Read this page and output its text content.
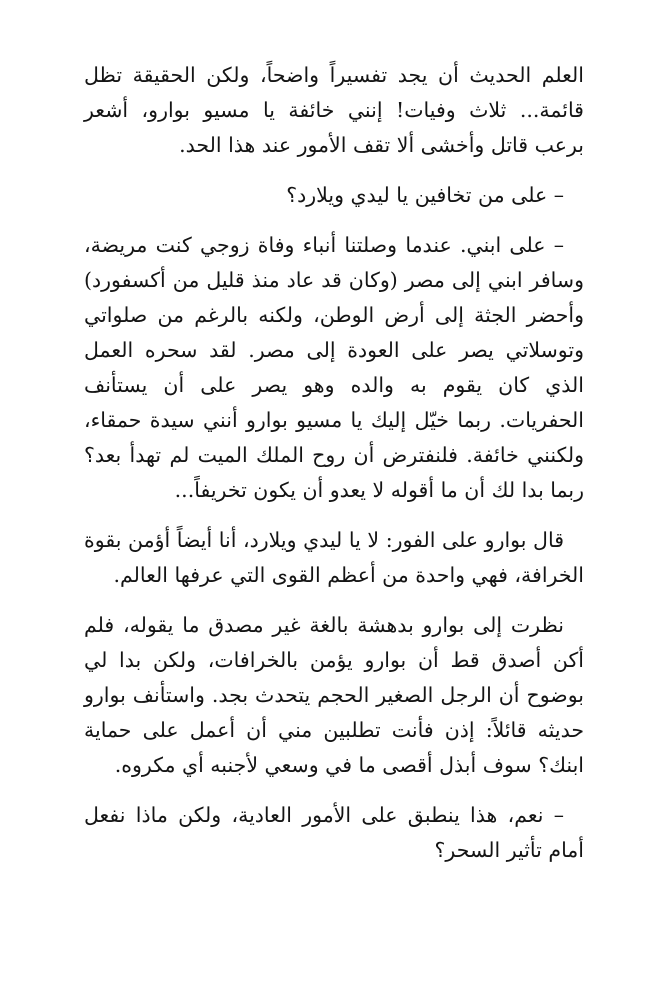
العلم الحديث أن يجد تفسيراً واضحاً، ولكن الحقيقة تظل قائمة... ثلاث وفيات! إنني خائفة يا مسيو بوارو، أشعر برعب قاتل وأخشى ألا تقف الأمور عند هذا الحد.

– على من تخافين يا ليدي ويلارد؟

– على ابني. عندما وصلتنا أنباء وفاة زوجي كنت مريضة، وسافر ابني إلى مصر (وكان قد عاد منذ قليل من أكسفورد) وأحضر الجثة إلى أرض الوطن، ولكنه بالرغم من صلواتي وتوسلاتي يصر على العودة إلى مصر. لقد سحره العمل الذي كان يقوم به والده وهو يصر على أن يستأنف الحفريات. ربما خيّل إليك يا مسيو بوارو أنني سيدة حمقاء، ولكنني خائفة. فلنفترض أن روح الملك الميت لم تهدأ بعد؟ ربما بدا لك أن ما أقوله لا يعدو أن يكون تخريفاً...

قال بوارو على الفور: لا يا ليدي ويلارد، أنا أيضاً أؤمن بقوة الخرافة، فهي واحدة من أعظم القوى التي عرفها العالم.

نظرت إلى بوارو بدهشة بالغة غير مصدق ما يقوله، فلم أكن أصدق قط أن بوارو يؤمن بالخرافات، ولكن بدا لي بوضوح أن الرجل الصغير الحجم يتحدث بجد. واستأنف بوارو حديثه قائلاً: إذن فأنت تطلبين مني أن أعمل على حماية ابنك؟ سوف أبذل أقصى ما في وسعي لأجنبه أي مكروه.

– نعم، هذا ينطبق على الأمور العادية، ولكن ماذا نفعل أمام تأثير السحر؟
